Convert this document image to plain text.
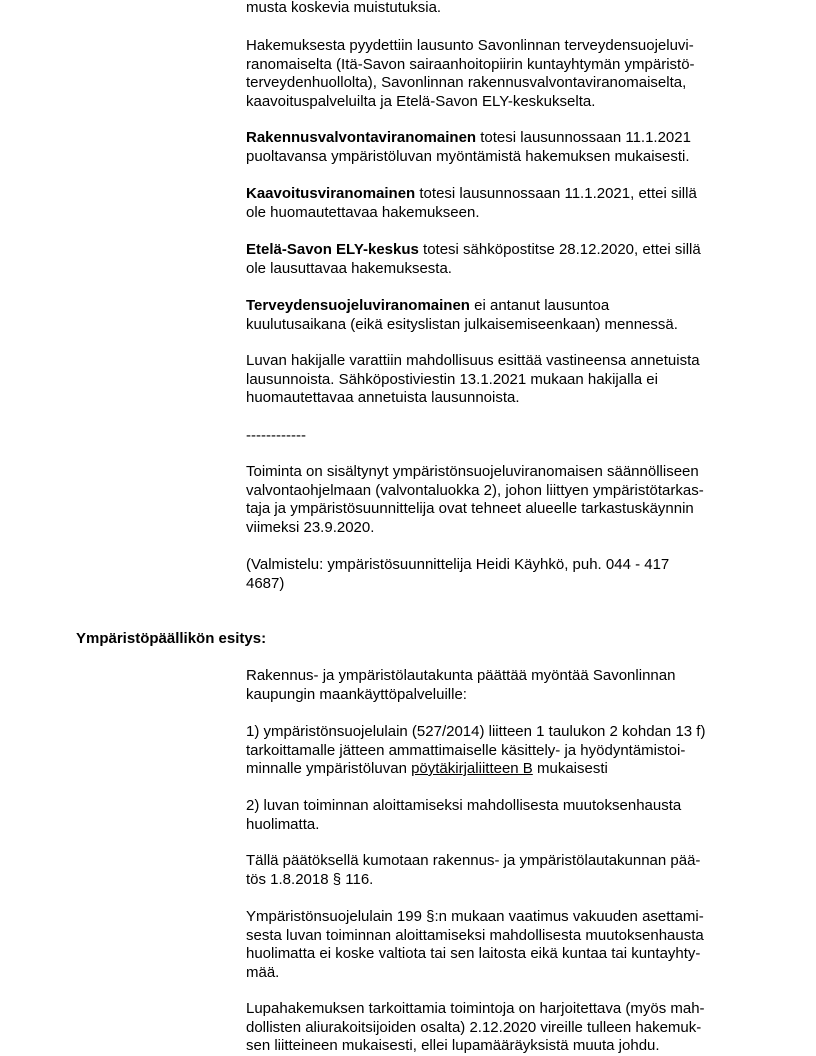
musta koskevia muistutuksia.

Hakemuksesta pyydettiin lausunto Savonlinnan terveydensuojeluvi-
ranomaiselta (Itä-Savon sairaanhoitopiirin kuntayhtymän ympäristö-
terveydenhuollolta), Savonlinnan rakennusvalvontaviranomaiselta,
kaavoituspalveluilta ja Etelä-Savon ELY-keskukselta.

Rakennusvalvontaviranomainen totesi lausunnossaan 11.1.2021
puoltavansa ympäristöluvan myöntämistä hakemuksen mukaisesti.

Kaavoitusviranomainen totesi lausunnossaan 11.1.2021, ettei sillä
ole huomautettavaa hakemukseen.

Etelä-Savon ELY-keskus totesi sähköpostitse 28.12.2020, ettei sillä
ole lausuttavaa hakemuksesta.

Terveydensuojeluviranomainen ei antanut lausuntoa
kuulutusaikana (eikä esityslistan julkaisemiseenkaan) mennessä.

Luvan hakijalle varattiin mahdollisuus esittää vastineensa annetuista
lausunnoista. Sähköpostiviestin 13.1.2021 mukaan hakijalla ei
huomautettavaa annetuista lausunnoista.

------------

Toiminta on sisältynyt ympäristönsuojeluviranomaisen säännölliseen
valvontaohjelmaan (valvontaluokka 2), johon liittyen ympäristötarkas-
taja ja ympäristösuunnittelija ovat tehneet alueelle tarkastuskäynnin
viimeksi 23.9.2020.

(Valmistelu: ympäristösuunnittelija Heidi Käyhkö, puh. 044 - 417
4687)

Ympäristöpäällikön esitys:

Rakennus- ja ympäristölautakunta päättää myöntää Savonlinnan
kaupungin maankäyttöpalveluille:

1) ympäristönsuojelulain (527/2014) liitteen 1 taulukon 2 kohdan 13 f)
tarkoittamalle jätteen ammattimaiselle käsittely- ja hyödyntämistoi-
minnalle ympäristöluvan pöytäkirjaliitteen B mukaisesti

2) luvan toiminnan aloittamiseksi mahdollisesta muutoksenhausta
huolimatta.

Tällä päätöksellä kumotaan rakennus- ja ympäristölautakunnan pää-
tös 1.8.2018 § 116.

Ympäristönsuojelulain 199 §:n mukaan vaatimus vakuuden asettami-
sesta luvan toiminnan aloittamiseksi mahdollisesta muutoksenhausta
huolimatta ei koske valtiota tai sen laitosta eikä kuntaa tai kuntayhty-
mää.

Lupahakemuksen tarkoittamia toimintoja on harjoitettava (myös mah-
dollisten aliurakoitsijoiden osalta) 2.12.2020 vireille tulleen hakemuk-
sen liitteineen mukaisesti, ellei lupamääräyksistä muuta johdu.
